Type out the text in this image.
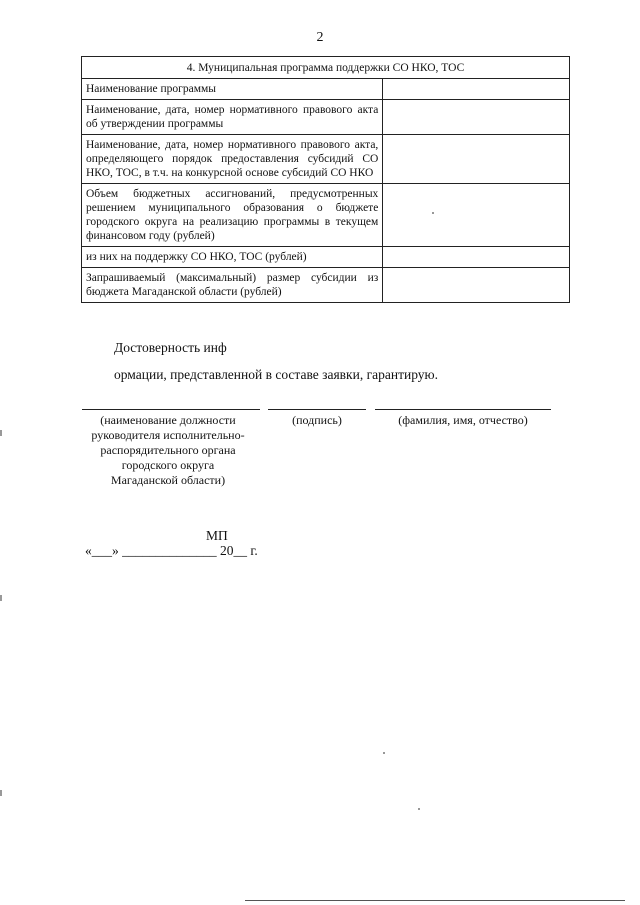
2
4. Муниципальная программа поддержки СО НКО, ТОС	
Наименование программы	
Наименование, дата, номер нормативного правового акта об утверждении программы	
Наименование, дата, номер нормативного правового акта, определяющего порядок предоставления субсидий СО НКО, ТОС, в т.ч. на конкурсной основе субсидий СО НКО	
Объем бюджетных ассигнований, предусмотренных решением муниципального образования о бюджете городского округа на реализацию программы в текущем финансовом году (рублей)	
из них на поддержку СО НКО, ТОС (рублей)	
Запрашиваемый (максимальный) размер субсидии из бюджета Магаданской области (рублей)	
Достоверность инф
ормации, представленной в составе заявки, гарантирую.
(наименование должности
руководителя исполнительно-
распорядительного органа
городского округа
Магаданской области)
(подпись)	(фамилия, имя, отчество)
МП
«___» ______________ 20__ г.
